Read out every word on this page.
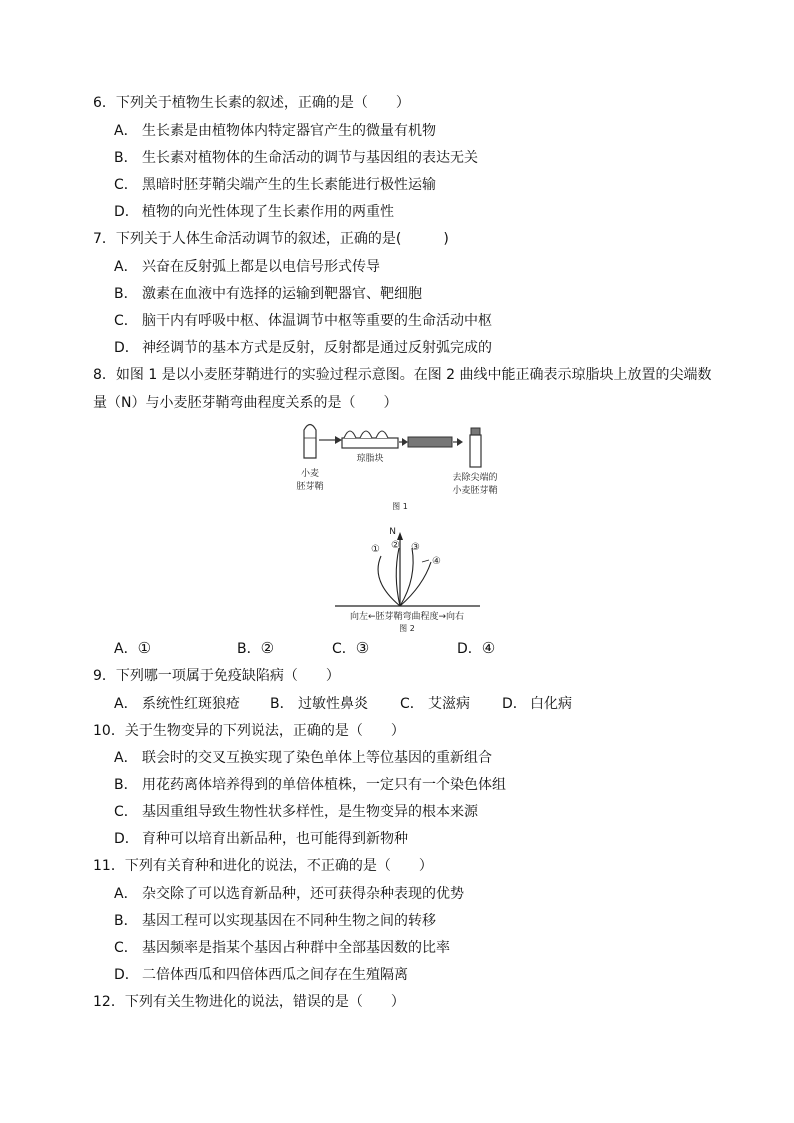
6．下列关于植物生长素的叙述，正确的是（　　）
A． 生长素是由植物体内特定器官产生的微量有机物
B． 生长素对植物体的生命活动的调节与基因组的表达无关
C． 黑暗时胚芽鞘尖端产生的生长素能进行极性运输
D． 植物的向光性体现了生长素作用的两重性
7．下列关于人体生命活动调节的叙述，正确的是(　　　)
A． 兴奋在反射弧上都是以电信号形式传导
B． 激素在血液中有选择的运输到靶器官、靶细胞
C． 脑干内有呼吸中枢、体温调节中枢等重要的生命活动中枢
D． 神经调节的基本方式是反射，反射都是通过反射弧完成的
8．如图 1 是以小麦胚芽鞘进行的实验过程示意图。在图 2 曲线中能正确表示琼脂块上放置的尖端数
量（N）与小麦胚芽鞘弯曲程度关系的是（　　）
小麦
胚芽鞘
琼脂块
去除尖端的
小麦胚芽鞘
图 1
N
① ② ③
④
向左←胚芽鞘弯曲程度→向右
图 2
A．①	B．②	C．③	D．④
9．下列哪一项属于免疫缺陷病（　　）
A． 系统性红斑狼疮 B． 过敏性鼻炎 C． 艾滋病 D． 白化病
10．关于生物变异的下列说法，正确的是（　　）
A． 联会时的交叉互换实现了染色单体上等位基因的重新组合
B． 用花药离体培养得到的单倍体植株，一定只有一个染色体组
C． 基因重组导致生物性状多样性，是生物变异的根本来源
D． 育种可以培育出新品种，也可能得到新物种
11．下列有关育种和进化的说法，不正确的是（　　）
A． 杂交除了可以选育新品种，还可获得杂种表现的优势
B． 基因工程可以实现基因在不同种生物之间的转移
C． 基因频率是指某个基因占种群中全部基因数的比率
D． 二倍体西瓜和四倍体西瓜之间存在生殖隔离
12．下列有关生物进化的说法，错误的是（　　）
